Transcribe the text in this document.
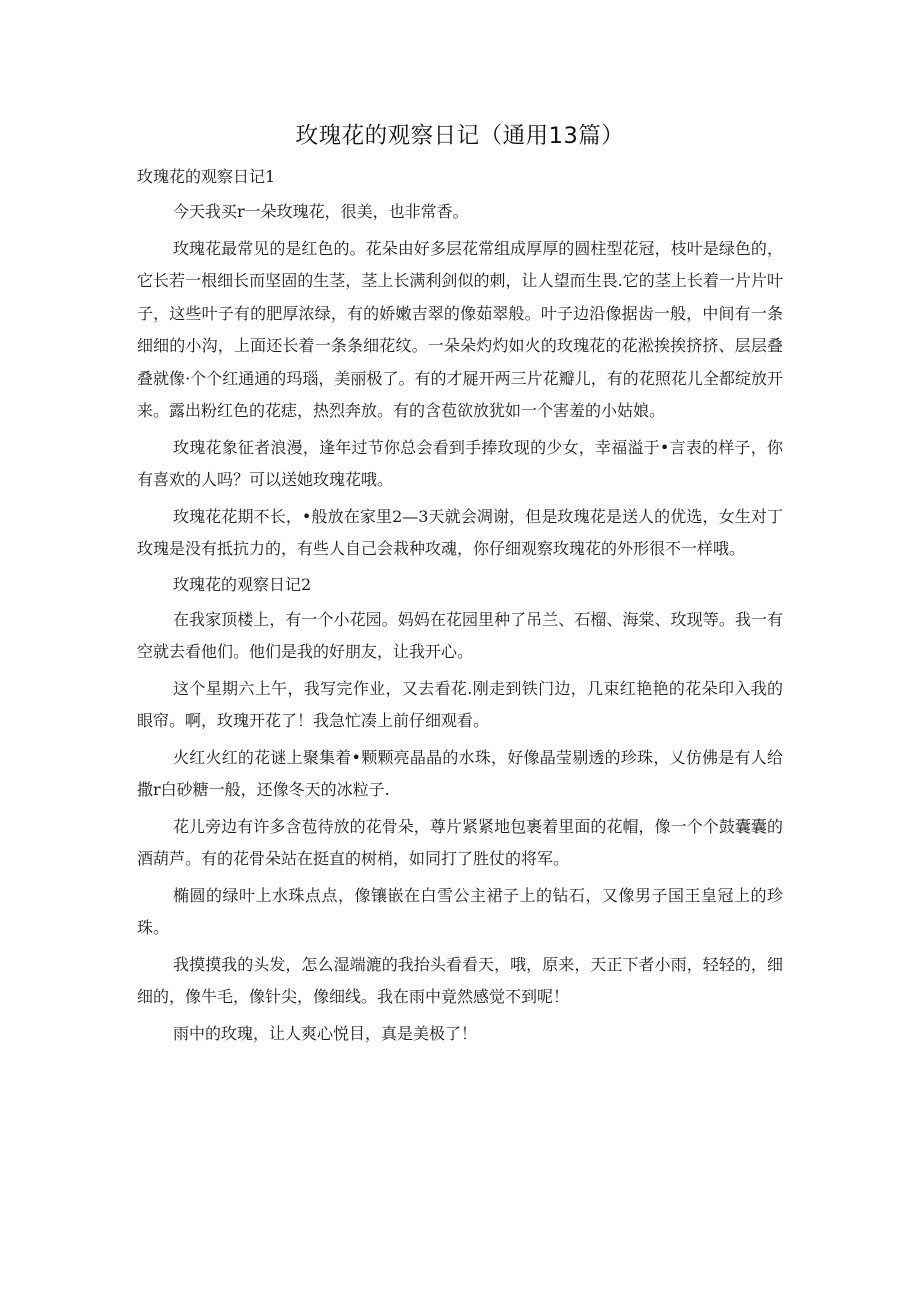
玫瑰花的观察日记（通用13篇）
玫瑰花的观察日记1

今天我买r一朵玫瑰花，很美，也非常香。

玫瑰花最常见的是红色的。花朵由好多层花常组成厚厚的圆柱型花冠，枝叶是绿色的，它长若一根细长而坚固的生茎，茎上长满利剑似的刺，让人望而生畏.它的茎上长着一片片叶子，这些叶子有的肥厚浓绿，有的娇嫩吉翠的像茹翠般。叶子边沿像据齿一般，中间有一条细细的小沟，上面还长着一条条细花纹。一朵朵灼灼如火的玫瑰花的花淞挨挨挤挤、层层叠叠就像·个个红通通的玛瑙，美丽极了。有的才屣开两三片花瓣儿，有的花照花儿全都绽放开来。露出粉红色的花痣，热烈奔放。有的含苞欲放犹如一个害羞的小姑娘。

玫瑰花象征者浪漫，逢年过节你总会看到手捧玫现的少女，幸福溢于•言表的样子，你有喜欢的人吗？可以送她玫瑰花哦。

玫瑰花花期不长，•般放在家里2—3天就会凋谢，但是玫瑰花是送人的优选，女生对丁玫瑰是没有抵抗力的，有些人自己会栽种攻魂，你仔细观察玫瑰花的外形很不一样哦。

玫瑰花的观察日记2

在我家顶楼上，有一个小花园。妈妈在花园里种了吊兰、石榴、海棠、玫现等。我一有空就去看他们。他们是我的好朋友，让我开心。

这个星期六上午，我写完作业，又去看花.刚走到铁门边，几束红艳艳的花朵印入我的眼帘。啊，玫瑰开花了！我急忙凑上前仔细观看。

火红火红的花谜上聚集着•颗颗亮晶晶的水珠，好像晶莹剔透的珍珠，乂仿佛是有人给撒r白砂糖一般，还像冬天的冰粒子.

花儿旁边有许多含苞待放的花骨朵，尊片紧紧地包裹着里面的花帽，像一个个鼓囊囊的酒葫芦。有的花骨朵站在挺直的树梢，如同打了胜仗的将军。

椭圆的绿叶上水珠点点，像镶嵌在白雪公主裙子上的钻石，又像男子国王皇冠上的珍珠。

我摸摸我的头发，怎么湿端漉的我抬头看看天，哦，原来，天正下者小雨，轻轻的，细细的，像牛毛，像针尖，像细线。我在雨中竟然感觉不到呢！

雨中的玫瑰，让人爽心悦目，真是美极了！
